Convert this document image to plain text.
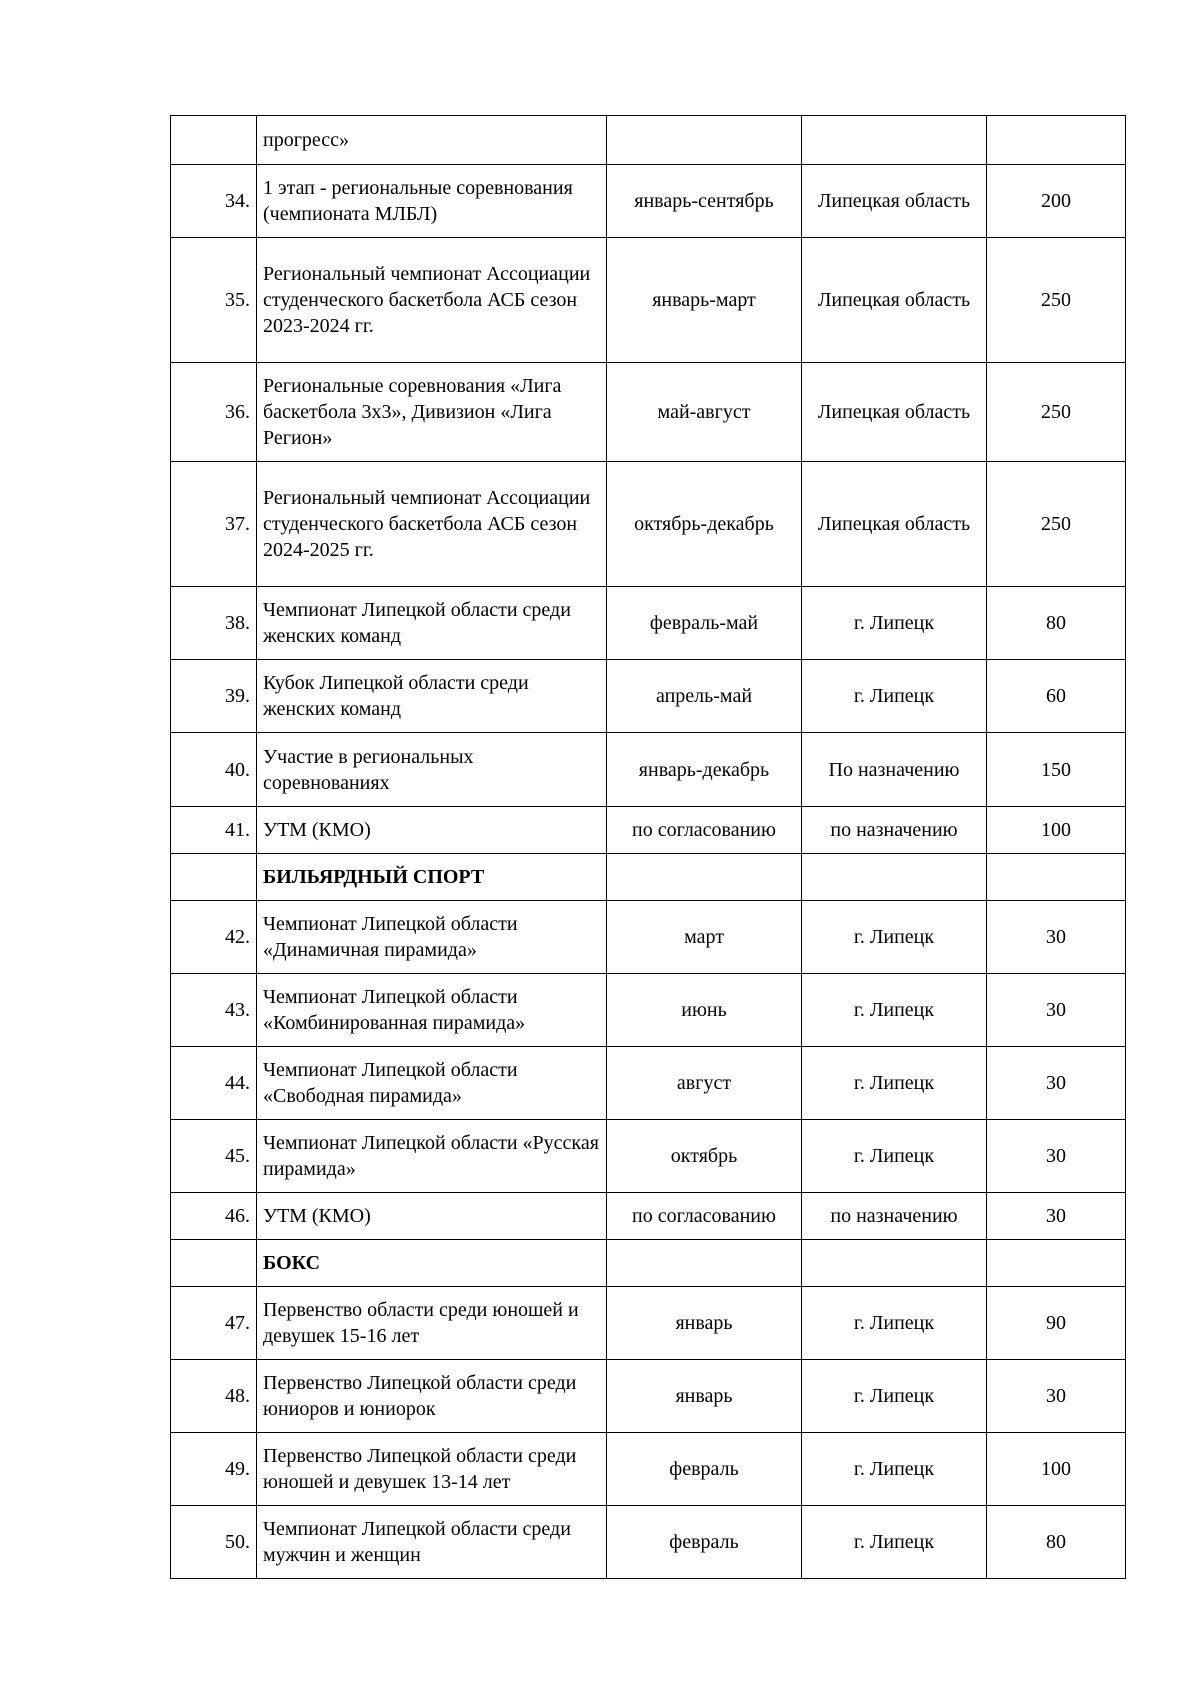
	прогресс»			
34.	1 этап - региональные соревнования (чемпионата МЛБЛ)	январь-сентябрь	Липецкая область	200
35.	Региональный чемпионат Ассоциации студенческого баскетбола АСБ сезон 2023-2024 гг.	январь-март	Липецкая область	250
36.	Региональные соревнования «Лига баскетбола 3х3», Дивизион «Лига Регион»	май-август	Липецкая область	250
37.	Региональный чемпионат Ассоциации студенческого баскетбола АСБ сезон 2024-2025 гг.	октябрь-декабрь	Липецкая область	250
38.	Чемпионат Липецкой области среди женских команд	февраль-май	г. Липецк	80
39.	Кубок Липецкой области среди женских команд	апрель-май	г. Липецк	60
40.	Участие в региональных соревнованиях	январь-декабрь	По назначению	150
41.	УТМ (КМО)	по согласованию	по назначению	100
	БИЛЬЯРДНЫЙ СПОРТ			
42.	Чемпионат Липецкой области «Динамичная пирамида»	март	г. Липецк	30
43.	Чемпионат Липецкой области «Комбинированная пирамида»	июнь	г. Липецк	30
44.	Чемпионат Липецкой области «Свободная пирамида»	август	г. Липецк	30
45.	Чемпионат Липецкой области «Русская пирамида»	октябрь	г. Липецк	30
46.	УТМ (КМО)	по согласованию	по назначению	30
	БОКС			
47.	Первенство области среди юношей и девушек 15-16 лет	январь	г. Липецк	90
48.	Первенство Липецкой области среди юниоров и юниорок	январь	г. Липецк	30
49.	Первенство Липецкой области среди юношей и девушек 13-14 лет	февраль	г. Липецк	100
50.	Чемпионат Липецкой области среди мужчин и женщин	февраль	г. Липецк	80
